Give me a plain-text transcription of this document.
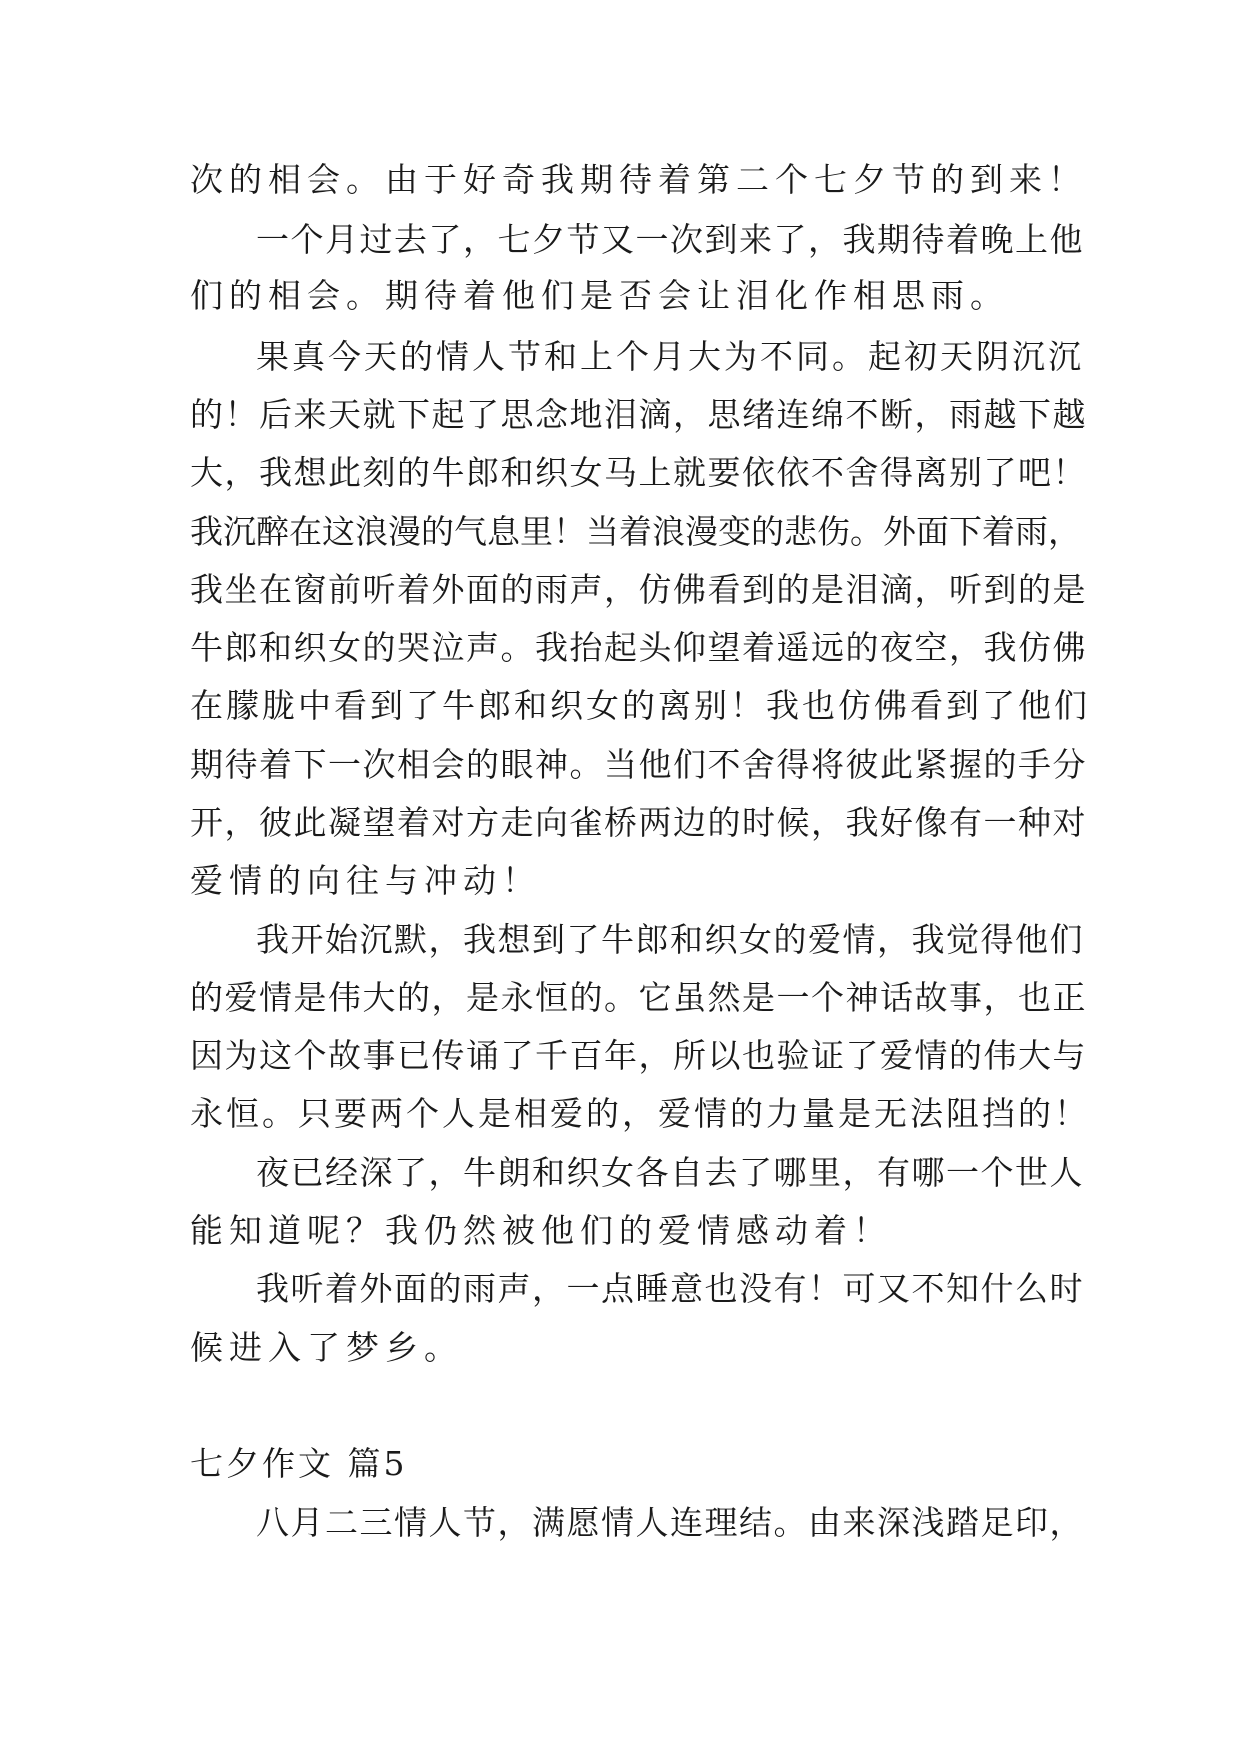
次的相会。由于好奇我期待着第二个七夕节的到来！
一个月过去了，七夕节又一次到来了，我期待着晚上他
们的相会。期待着他们是否会让泪化作相思雨。
果真今天的情人节和上个月大为不同。起初天阴沉沉
的！后来天就下起了思念地泪滴，思绪连绵不断，雨越下越
大，我想此刻的牛郎和织女马上就要依依不舍得离别了吧！
我沉醉在这浪漫的气息里！当着浪漫变的悲伤。外面下着雨，
我坐在窗前听着外面的雨声，仿佛看到的是泪滴，听到的是
牛郎和织女的哭泣声。我抬起头仰望着遥远的夜空，我仿佛
在朦胧中看到了牛郎和织女的离别！我也仿佛看到了他们
期待着下一次相会的眼神。当他们不舍得将彼此紧握的手分
开，彼此凝望着对方走向雀桥两边的时候，我好像有一种对
爱情的向往与冲动！
我开始沉默，我想到了牛郎和织女的爱情，我觉得他们
的爱情是伟大的，是永恒的。它虽然是一个神话故事，也正
因为这个故事已传诵了千百年，所以也验证了爱情的伟大与
永恒。只要两个人是相爱的，爱情的力量是无法阻挡的！
夜已经深了，牛朗和织女各自去了哪里，有哪一个世人
能知道呢？我仍然被他们的爱情感动着！
我听着外面的雨声，一点睡意也没有！可又不知什么时
候进入了梦乡。
七夕作文 篇5
八月二三情人节，满愿情人连理结。由来深浅踏足印，
